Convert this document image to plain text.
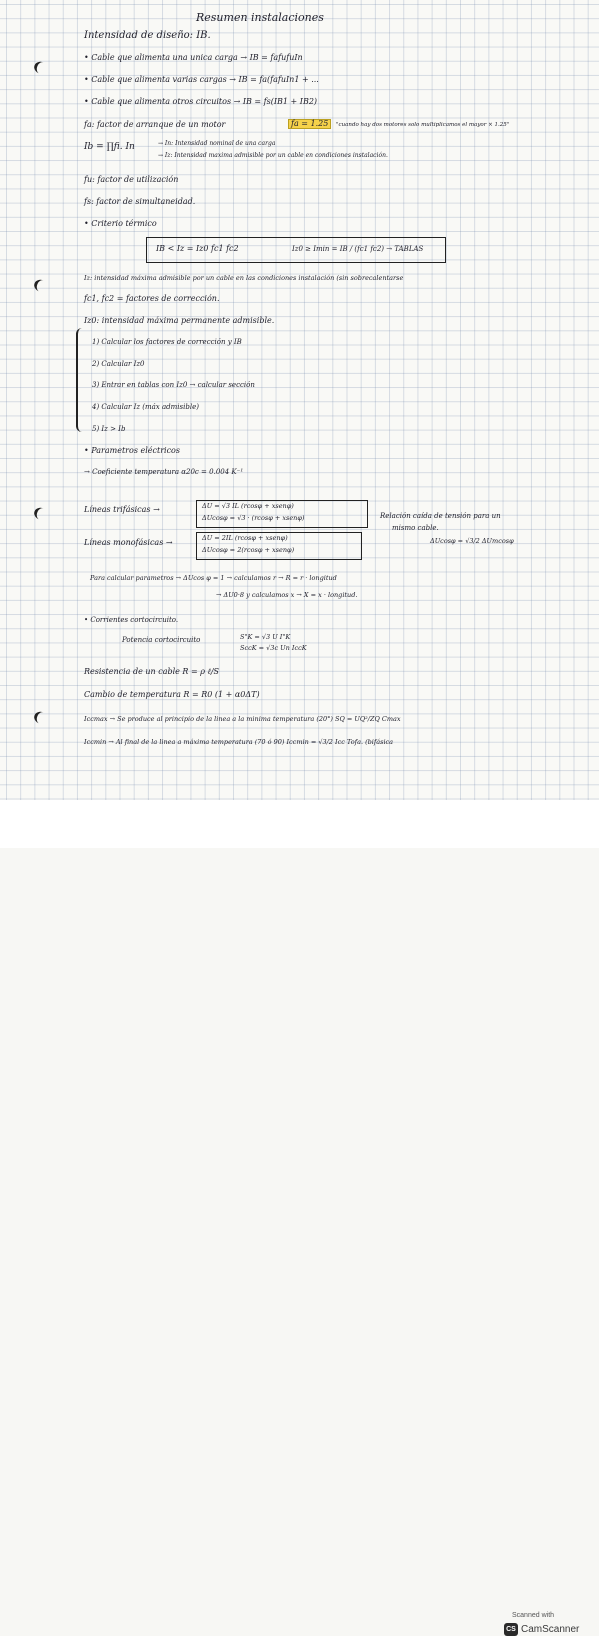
Resumen instalaciones
Intensidad de diseño: IB.
• Cable que alimenta una unica carga → IB = fafufuIn
• Cable que alimenta varias cargas → IB = fa(fafuIn1 + ...
• Cable que alimenta otros circuitos → IB = fs(IB1 + IB2)
fa: factor de arranque de un motor	fa = 1.25	"cuando hay dos motores solo multiplicamos el mayor × 1.25"
Ib = ∏fi. In	→ In: Intensidad nominal de una carga
→ Iz: Intensidad maxima admisible por un cable en condiciones instalación.
fu: factor de utilización
fs: factor de simultaneidad.
• Criterio térmico
IB < Iz = Iz0 fc1 fc2	Iz0 ≥ Imin = IB / (fc1 fc2) → TABLAS
Iz: intensidad máxima admisible por un cable en las condiciones instalación (sin sobrecalentarse
fc1, fc2 = factores de corrección.
Iz0: intensidad máxima permanente admisible.
1) Calcular los factores de corrección y IB
2) Calcular Iz0
3) Entrar en tablas con Iz0 → calcular sección
4) Calcular Iz (máx admisible)
5) Iz > Ib
• Parametros eléctricos
→ Coeficiente temperatura α20c = 0.004 K⁻¹
Líneas trifásicas →	ΔU = √3 IL (rcosφ + xsenφ)
ΔUcosφ = √3 · (rcosφ + xsenφ)	Relación caída de tensión para un
mismo cable.
ΔUcosφ = √3/2 ΔUmcosφ
Líneas monofásicas →	ΔU = 2IL (rcosφ + xsenφ)
ΔUcosφ = 2(rcosφ + xsenφ)
Para calcular parametros → ΔUcos φ = 1 → calculamos r → R = r · longitud
→ ΔU0·8 y calculamos x → X = x · longitud.
• Corrientes cortocircuito.
Potencia cortocircuito	S"K = √3 U I"K
SccK = √3c Un IccK
Resistencia de un cable R = ρ ℓ/S
Cambio de temperatura R = R0 (1 + α0ΔT)
Iccmax → Se produce al principio de la linea a la minima temperatura (20°) SQ = UQ²/ZQ Cmax
Iccmin → Al final de la linea a máxima temperatura (70 ó 90) Iccmin = √3/2 Icc Tofa. (bifásica
Scanned with
CS CamScanner
